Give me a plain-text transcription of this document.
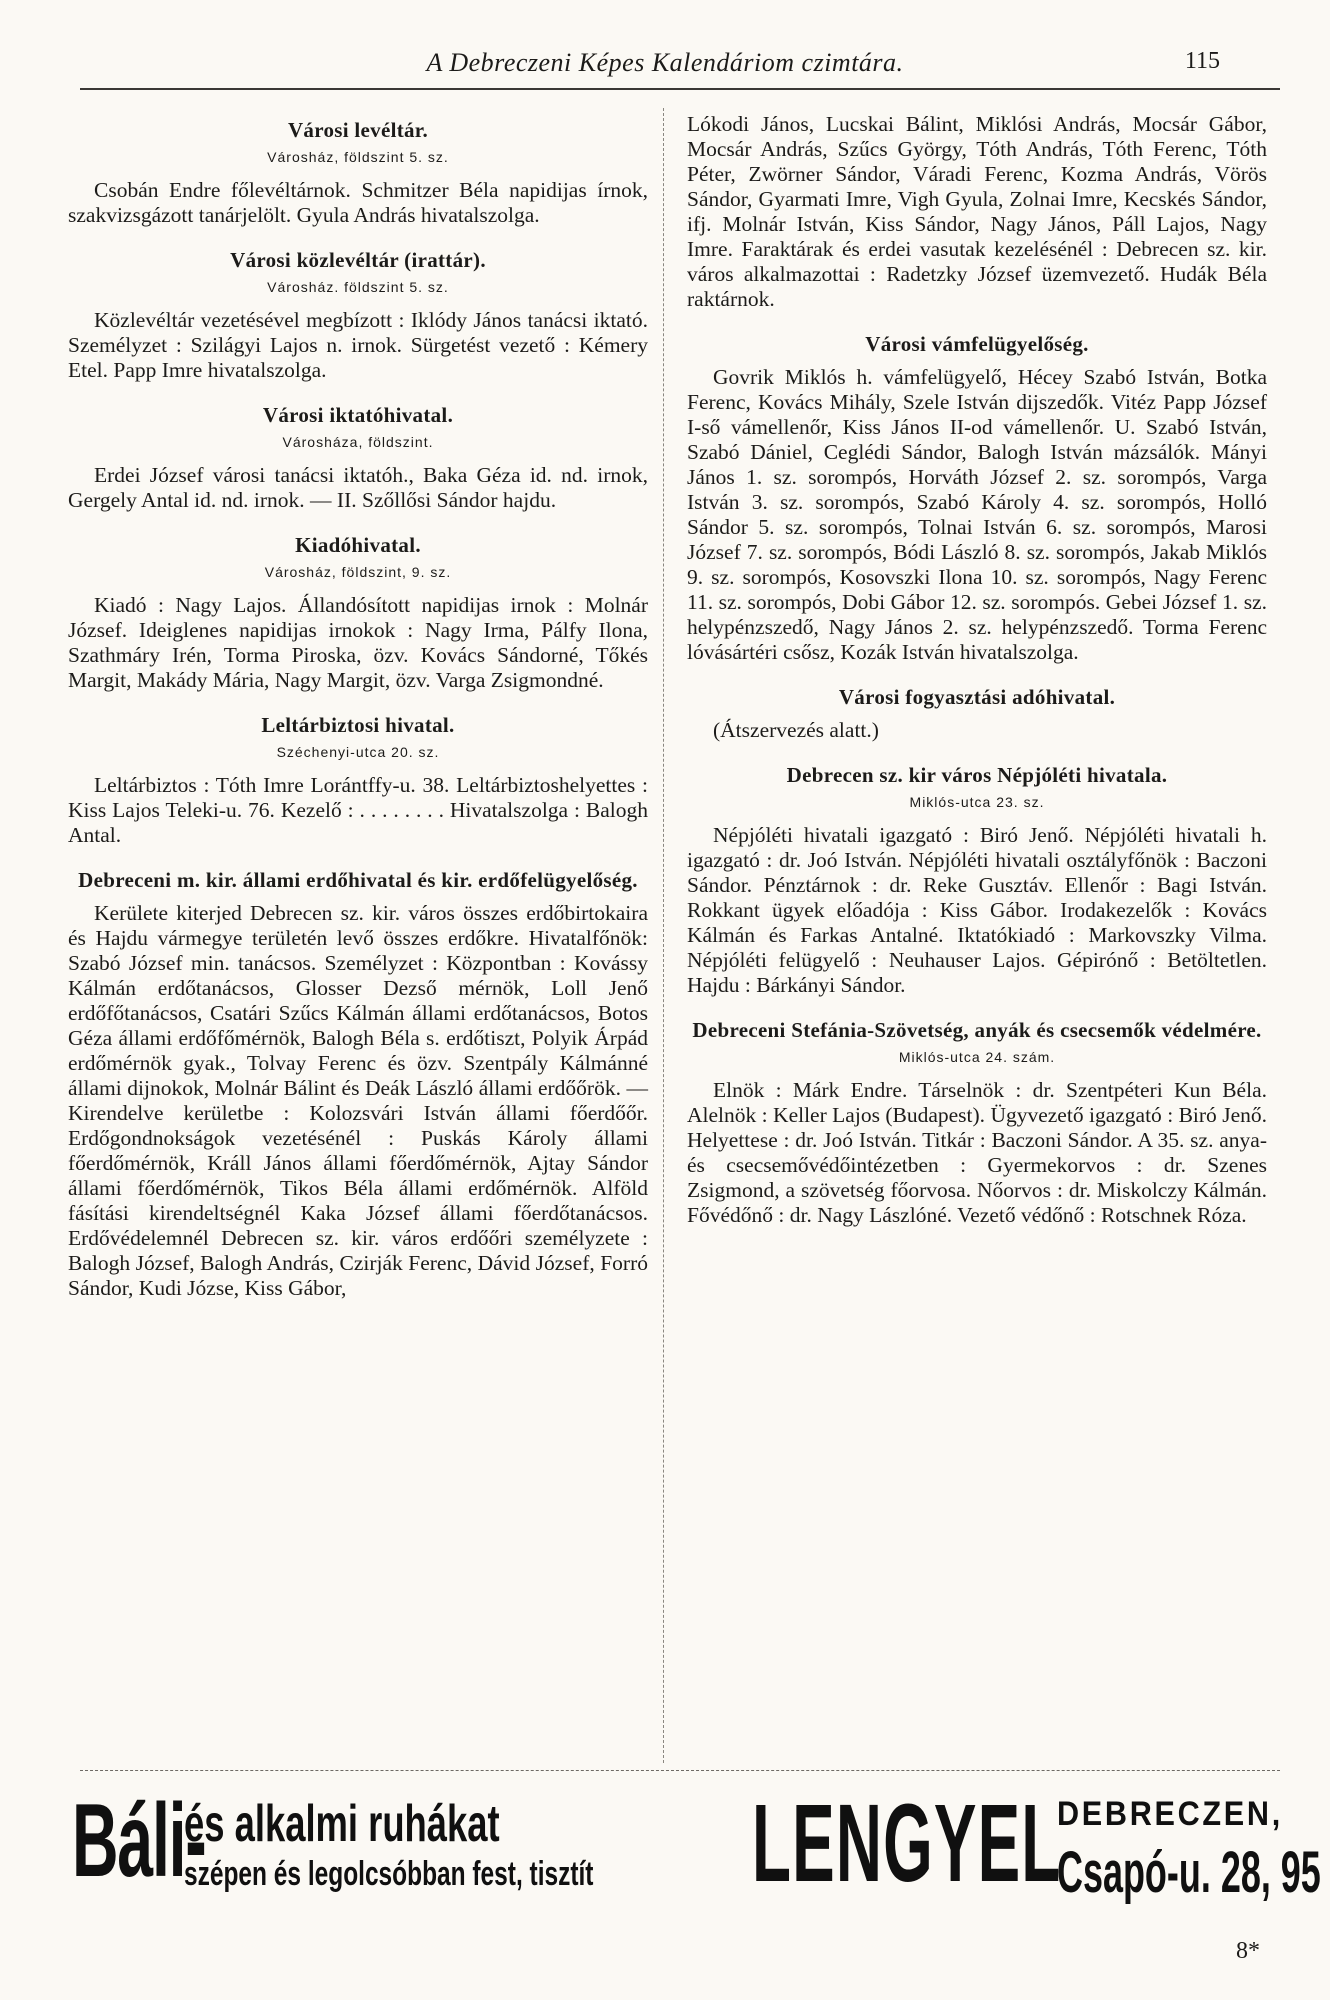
A Debreczeni Képes Kalendáriom czimtára.	115
Városi levéltár.
Városház, földszint 5. sz.

Csobán Endre főlevéltárnok. Schmitzer Béla napidijas írnok, szakvizsgázott tanárjelölt. Gyula András hivatalszolga.

Városi közlevéltár (irattár).
Városház. földszint 5. sz.

Közlevéltár vezetésével megbízott : Iklódy János tanácsi iktató. Személyzet : Szilágyi Lajos n. irnok. Sürgetést vezető : Kémery Etel. Papp Imre hivatalszolga.

Városi iktatóhivatal.
Városháza, földszint.

Erdei József városi tanácsi iktatóh., Baka Géza id. nd. irnok, Gergely Antal id. nd. irnok. — II. Szőllősi Sándor hajdu.

Kiadóhivatal.
Városház, földszint, 9. sz.

Kiadó : Nagy Lajos. Állandósított napidijas irnok : Molnár József. Ideiglenes napidijas irnokok : Nagy Irma, Pálfy Ilona, Szathmáry Irén, Torma Piroska, özv. Kovács Sándorné, Tőkés Margit, Makády Mária, Nagy Margit, özv. Varga Zsigmondné.

Leltárbiztosi hivatal.
Széchenyi-utca 20. sz.

Leltárbiztos : Tóth Imre Lorántffy-u. 38. Leltárbiztoshelyettes : Kiss Lajos Teleki-u. 76. Kezelő : . . . . . . . . Hivatalszolga : Balogh Antal.

Debreceni m. kir. állami erdőhivatal és kir. erdőfelügyelőség.

Kerülete kiterjed Debrecen sz. kir. város összes erdőbirtokaira és Hajdu vármegye területén levő összes erdőkre. Hivatalfőnök: Szabó József min. tanácsos. Személyzet : Központban : Kovássy Kálmán erdőtanácsos, Glosser Dezső mérnök, Loll Jenő erdőfőtanácsos, Csatári Szűcs Kálmán állami erdőtanácsos, Botos Géza állami erdőfőmérnök, Balogh Béla s. erdőtiszt, Polyik Árpád erdőmérnök gyak., Tolvay Ferenc és özv. Szentpály Kálmánné állami dijnokok, Molnár Bálint és Deák László állami erdőőrök. — Kirendelve kerületbe : Kolozsvári István állami főerdőőr. Erdőgondnokságok vezetésénél : Puskás Károly állami főerdőmérnök, Králl János állami főerdőmérnök, Ajtay Sándor állami főerdőmérnök, Tikos Béla állami erdőmérnök. Alföld fásítási kirendeltségnél Kaka József állami főerdőtanácsos. Erdővédelemnél Debrecen sz. kir. város erdőőri személyzete : Balogh József, Balogh András, Czirják Ferenc, Dávid József, Forró Sándor, Kudi Józse, Kiss Gábor,

Lókodi János, Lucskai Bálint, Miklósi András, Mocsár Gábor, Mocsár András, Szűcs György, Tóth András, Tóth Ferenc, Tóth Péter, Zwörner Sándor, Váradi Ferenc, Kozma András, Vörös Sándor, Gyarmati Imre, Vigh Gyula, Zolnai Imre, Kecskés Sándor, ifj. Molnár István, Kiss Sándor, Nagy János, Páll Lajos, Nagy Imre. Faraktárak és erdei vasutak kezelésénél : Debrecen sz. kir. város alkalmazottai : Radetzky József üzemvezető. Hudák Béla raktárnok.

Városi vámfelügyelőség.

Govrik Miklós h. vámfelügyelő, Hécey Szabó István, Botka Ferenc, Kovács Mihály, Szele István dijszedők. Vitéz Papp József I-ső vámellenőr, Kiss János II-od vámellenőr. U. Szabó István, Szabó Dániel, Ceglédi Sándor, Balogh István mázsálók. Mányi János 1. sz. sorompós, Horváth József 2. sz. sorompós, Varga István 3. sz. sorompós, Szabó Károly 4. sz. sorompós, Holló Sándor 5. sz. sorompós, Tolnai István 6. sz. sorompós, Marosi József 7. sz. sorompós, Bódi László 8. sz. sorompós, Jakab Miklós 9. sz. sorompós, Kosovszki Ilona 10. sz. sorompós, Nagy Ferenc 11. sz. sorompós, Dobi Gábor 12. sz. sorompós. Gebei József 1. sz. helypénzszedő, Nagy János 2. sz. helypénzszedő. Torma Ferenc lóvásártéri csősz, Kozák István hivatalszolga.

Városi fogyasztási adóhivatal.

(Átszervezés alatt.)

Debrecen sz. kir város Népjóléti hivatala.
Miklós-utca 23. sz.

Népjóléti hivatali igazgató : Biró Jenő. Népjóléti hivatali h. igazgató : dr. Joó István. Népjóléti hivatali osztályfőnök : Baczoni Sándor. Pénztárnok : dr. Reke Gusztáv. Ellenőr : Bagi István. Rokkant ügyek előadója : Kiss Gábor. Irodakezelők : Kovács Kálmán és Farkas Antalné. Iktatókiadó : Markovszky Vilma. Népjóléti felügyelő : Neuhauser Lajos. Gépirónő : Betöltetlen. Hajdu : Bárkányi Sándor.

Debreceni Stefánia-Szövetség, anyák és csecsemők védelmére.
Miklós-utca 24. szám.

Elnök : Márk Endre. Társelnök : dr. Szentpéteri Kun Béla. Alelnök : Keller Lajos (Budapest). Ügyvezető igazgató : Biró Jenő. Helyettese : dr. Joó István. Titkár : Baczoni Sándor. A 35. sz. anya- és csecsemővédőintézetben : Gyermekorvos : dr. Szenes Zsigmond, a szövetség főorvosa. Nőorvos : dr. Miskolczy Kálmán. Fővédőnő : dr. Nagy Lászlóné. Vezető védőnő : Rotschnek Róza.

Báli-
és alkalmi ruhákat
szépen és legolcsóbban fest, tisztít LENGYEL
DEBRECZEN,
Csapó-u. 28, 95
8*
